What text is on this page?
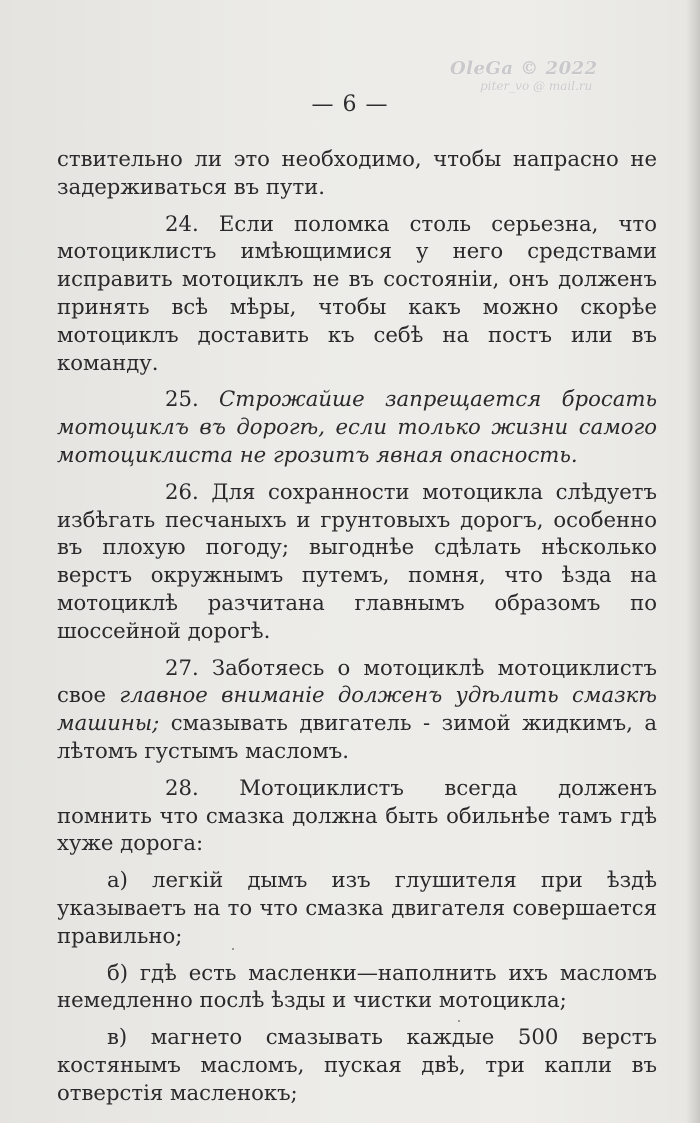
OleGa © 2022
piter_vo @ mail.ru
— 6 —

ствительно ли это необходимо, чтобы напрасно не задерживаться въ пути.

24. Если поломка столь серьезна, что мотоциклистъ имѣющимися у него средствами исправить мотоциклъ не въ состоянiи, онъ долженъ принять всѣ мѣры, чтобы какъ можно скорѣе мотоциклъ доставить къ себѣ на постъ или въ команду.

25. Строжайше запрещается бросать мотоциклъ въ дорогѣ, если только жизни самого мотоциклиста не грозитъ явная опасность.

26. Для сохранности мотоцикла слѣдуетъ избѣгать песчаныхъ и грунтовыхъ дорогъ, особенно въ плохую погоду; выгоднѣе сдѣлать нѣсколько верстъ окружнымъ путемъ, помня, что ѣзда на мотоциклѣ разчитана главнымъ образомъ по шоссейной дорогѣ.

27. Заботяесь о мотоциклѣ мотоциклистъ свое главное вниманiе долженъ удѣлить смазкѣ машины; смазывать двигатель - зимой жидкимъ, а лѣтомъ густымъ масломъ.

28. Мотоциклистъ всегда долженъ помнить что смазка должна быть обильнѣе тамъ гдѣ хуже дорога:

а) легкiй дымъ изъ глушителя при ѣздѣ указываетъ на то что смазка двигателя совершается правильно;

б) гдѣ есть масленки—наполнить ихъ масломъ немедленно послѣ ѣзды и чистки мотоцикла;

в) магнето смазывать каждые 500 верстъ костянымъ масломъ, пуская двѣ, три капли въ отверстiя масленокъ;
